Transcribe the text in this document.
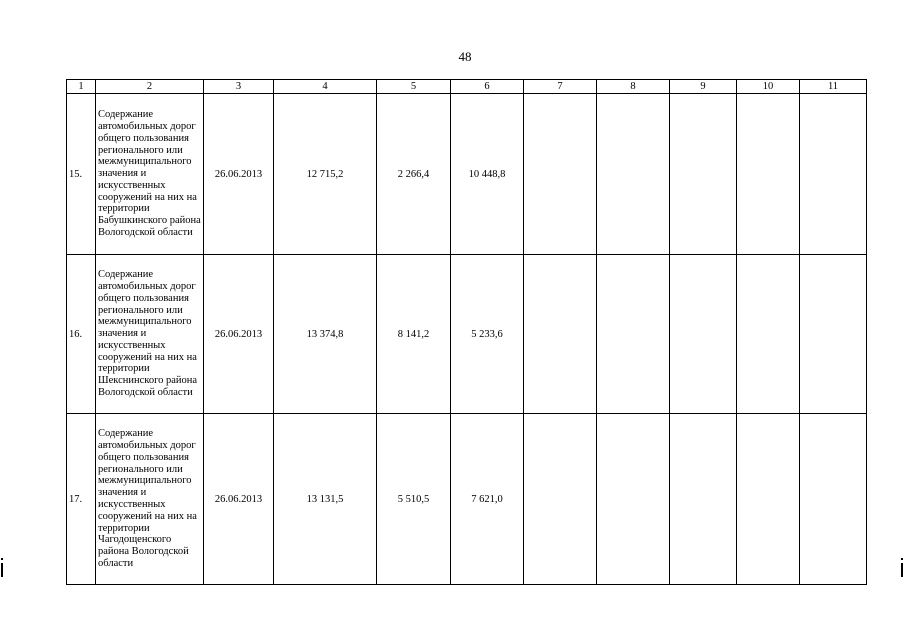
48
1	2	3	4	5	6	7	8	9	10	11
15.	Содержание автомобильных дорог общего пользования регионального или межмуниципального значения и искусственных сооружений на них на территории Бабушкинского района Вологодской области	26.06.2013	12 715,2	2 266,4	10 448,8					
16.	Содержание автомобильных дорог общего пользования регионального или межмуниципального значения и искусственных сооружений на них на территории Шекснинского района Вологодской области	26.06.2013	13 374,8	8 141,2	5 233,6					
17.	Содержание автомобильных дорог общего пользования регионального или межмуниципального значения и искусственных сооружений на них на территории Чагодощенского района Вологодской области	26.06.2013	13 131,5	5 510,5	7 621,0					
